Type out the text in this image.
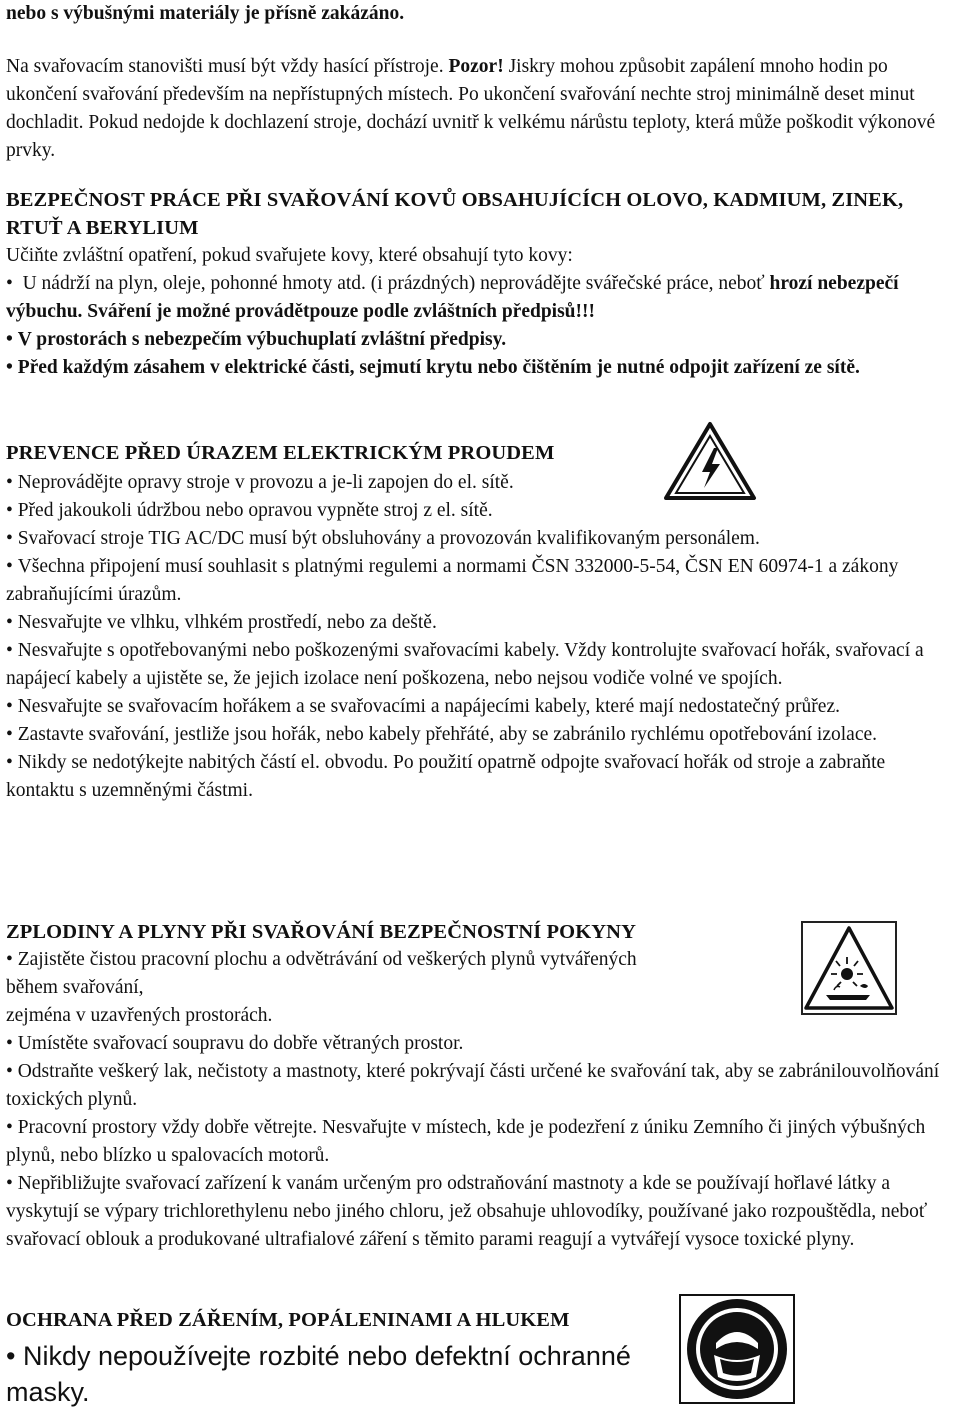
nebo s výbušnými materiály je přísně zakázáno.

Na svařovacím stanovišti musí být vždy hasící přístroje. Pozor! Jiskry mohou způsobit zapálení mnoho hodin po ukončení svařování především na nepřístupných místech. Po ukončení svařování nechte stroj minimálně deset minut dochladit. Pokud nedojde k dochlazení stroje, dochází uvnitř k velkému nárůstu teploty, která může poškodit výkonové prvky.

BEZPEČNOST PRÁCE PŘI SVAŘOVÁNÍ KOVŮ OBSAHUJÍCÍCH OLOVO, KADMIUM, ZINEK, RTUŤ A BERYLIUM

Učiňte zvláštní opatření, pokud svařujete kovy, které obsahují tyto kovy:

• U nádrží na plyn, oleje, pohonné hmoty atd. (i prázdných) neprovádějte svářečské práce, neboť hrozí nebezpečí výbuchu. Sváření je možné provádětpouze podle zvláštních předpisů!!!

• V prostorách s nebezpečím výbuchuplatí zvláštní předpisy.

• Před každým zásahem v elektrické části, sejmutí krytu nebo čištěním je nutné odpojit zařízení ze sítě.

PREVENCE PŘED ÚRAZEM ELEKTRICKÝM PROUDEM

• Neprovádějte opravy stroje v provozu a je-li zapojen do el. sítě.

• Před jakoukoli údržbou nebo opravou vypněte stroj z el. sítě.

• Svařovací stroje TIG AC/DC musí být obsluhovány a provozován kvalifikovaným personálem.

• Všechna připojení musí souhlasit s platnými regulemi a normami ČSN 332000-5-54, ČSN EN 60974-1 a zákony zabraňujícími úrazům.

• Nesvařujte ve vlhku, vlhkém prostředí, nebo za deště.

• Nesvařujte s opotřebovanými nebo poškozenými svařovacími kabely. Vždy kontrolujte svařovací hořák, svařovací a napájecí kabely a ujistěte se, že jejich izolace není poškozena, nebo nejsou vodiče volné ve spojích.

• Nesvařujte se svařovacím hořákem a se svařovacími a napájecími kabely, které mají nedostatečný průřez.

• Zastavte svařování, jestliže jsou hořák, nebo kabely přehřáté, aby se zabránilo rychlému opotřebování izolace.

• Nikdy se nedotýkejte nabitých částí el. obvodu. Po použití opatrně odpojte svařovací hořák od stroje a zabraňte kontaktu s uzemněnými částmi.

ZPLODINY A PLYNY PŘI SVAŘOVÁNÍ BEZPEČNOSTNÍ POKYNY

• Zajistěte čistou pracovní plochu a odvětrávání od veškerých plynů vytvářených

během svařování,

zejména v uzavřených prostorách.

• Umístěte svařovací soupravu do dobře větraných prostor.

• Odstraňte veškerý lak, nečistoty a mastnoty, které pokrývají části určené ke svařování tak, aby se zabránilouvolňování toxických plynů.

• Pracovní prostory vždy dobře větrejte. Nesvařujte v místech, kde je podezření z úniku Zemního či jiných výbušných plynů, nebo blízko u spalovacích motorů.

• Nepřibližujte svařovací zařízení k vanám určeným pro odstraňování mastnoty a kde se používají hořlavé látky a vyskytují se výpary trichlorethylenu nebo jiného chloru, jež obsahuje uhlovodíky, používané jako rozpouštědla, neboť svařovací oblouk a produkované ultrafialové záření s těmito parami reagují a vytvářejí vysoce toxické plyny.

OCHRANA PŘED ZÁŘENÍM, POPÁLENINAMI A HLUKEM

• Nikdy nepoužívejte rozbité nebo defektní ochranné masky.
